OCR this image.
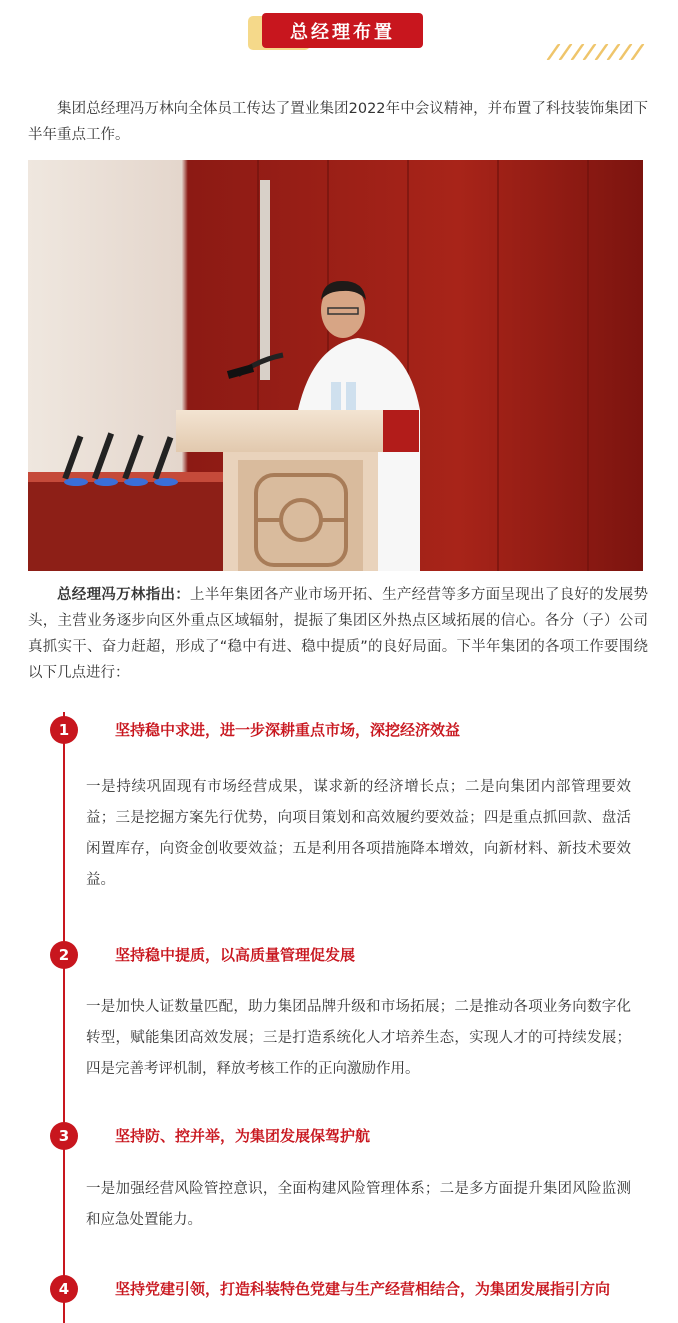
总经理布置

集团总经理冯万林向全体员工传达了置业集团2022年中会议精神，并布置了科技装饰集团下半年重点工作。

总经理冯万林指出：上半年集团各产业市场开拓、生产经营等多方面呈现出了良好的发展势头，主营业务逐步向区外重点区域辐射，提振了集团区外热点区域拓展的信心。各分（子）公司真抓实干、奋力赶超，形成了“稳中有进、稳中提质”的良好局面。下半年集团的各项工作要围绕以下几点进行：

1	坚持稳中求进，进一步深耕重点市场，深挖经济效益

一是持续巩固现有市场经营成果，谋求新的经济增长点；二是向集团内部管理要效益；三是挖掘方案先行优势，向项目策划和高效履约要效益；四是重点抓回款、盘活闲置库存，向资金创收要效益；五是利用各项措施降本增效，向新材料、新技术要效益。

2	坚持稳中提质，以高质量管理促发展

一是加快人证数量匹配，助力集团品牌升级和市场拓展；二是推动各项业务向数字化转型，赋能集团高效发展；三是打造系统化人才培养生态，实现人才的可持续发展；四是完善考评机制，释放考核工作的正向激励作用。

3	坚持防、控并举，为集团发展保驾护航

一是加强经营风险管控意识，全面构建风险管理体系；二是多方面提升集团风险监测和应急处置能力。

4	坚持党建引领，打造科装特色党建与生产经营相结合，为集团发展指引方向
